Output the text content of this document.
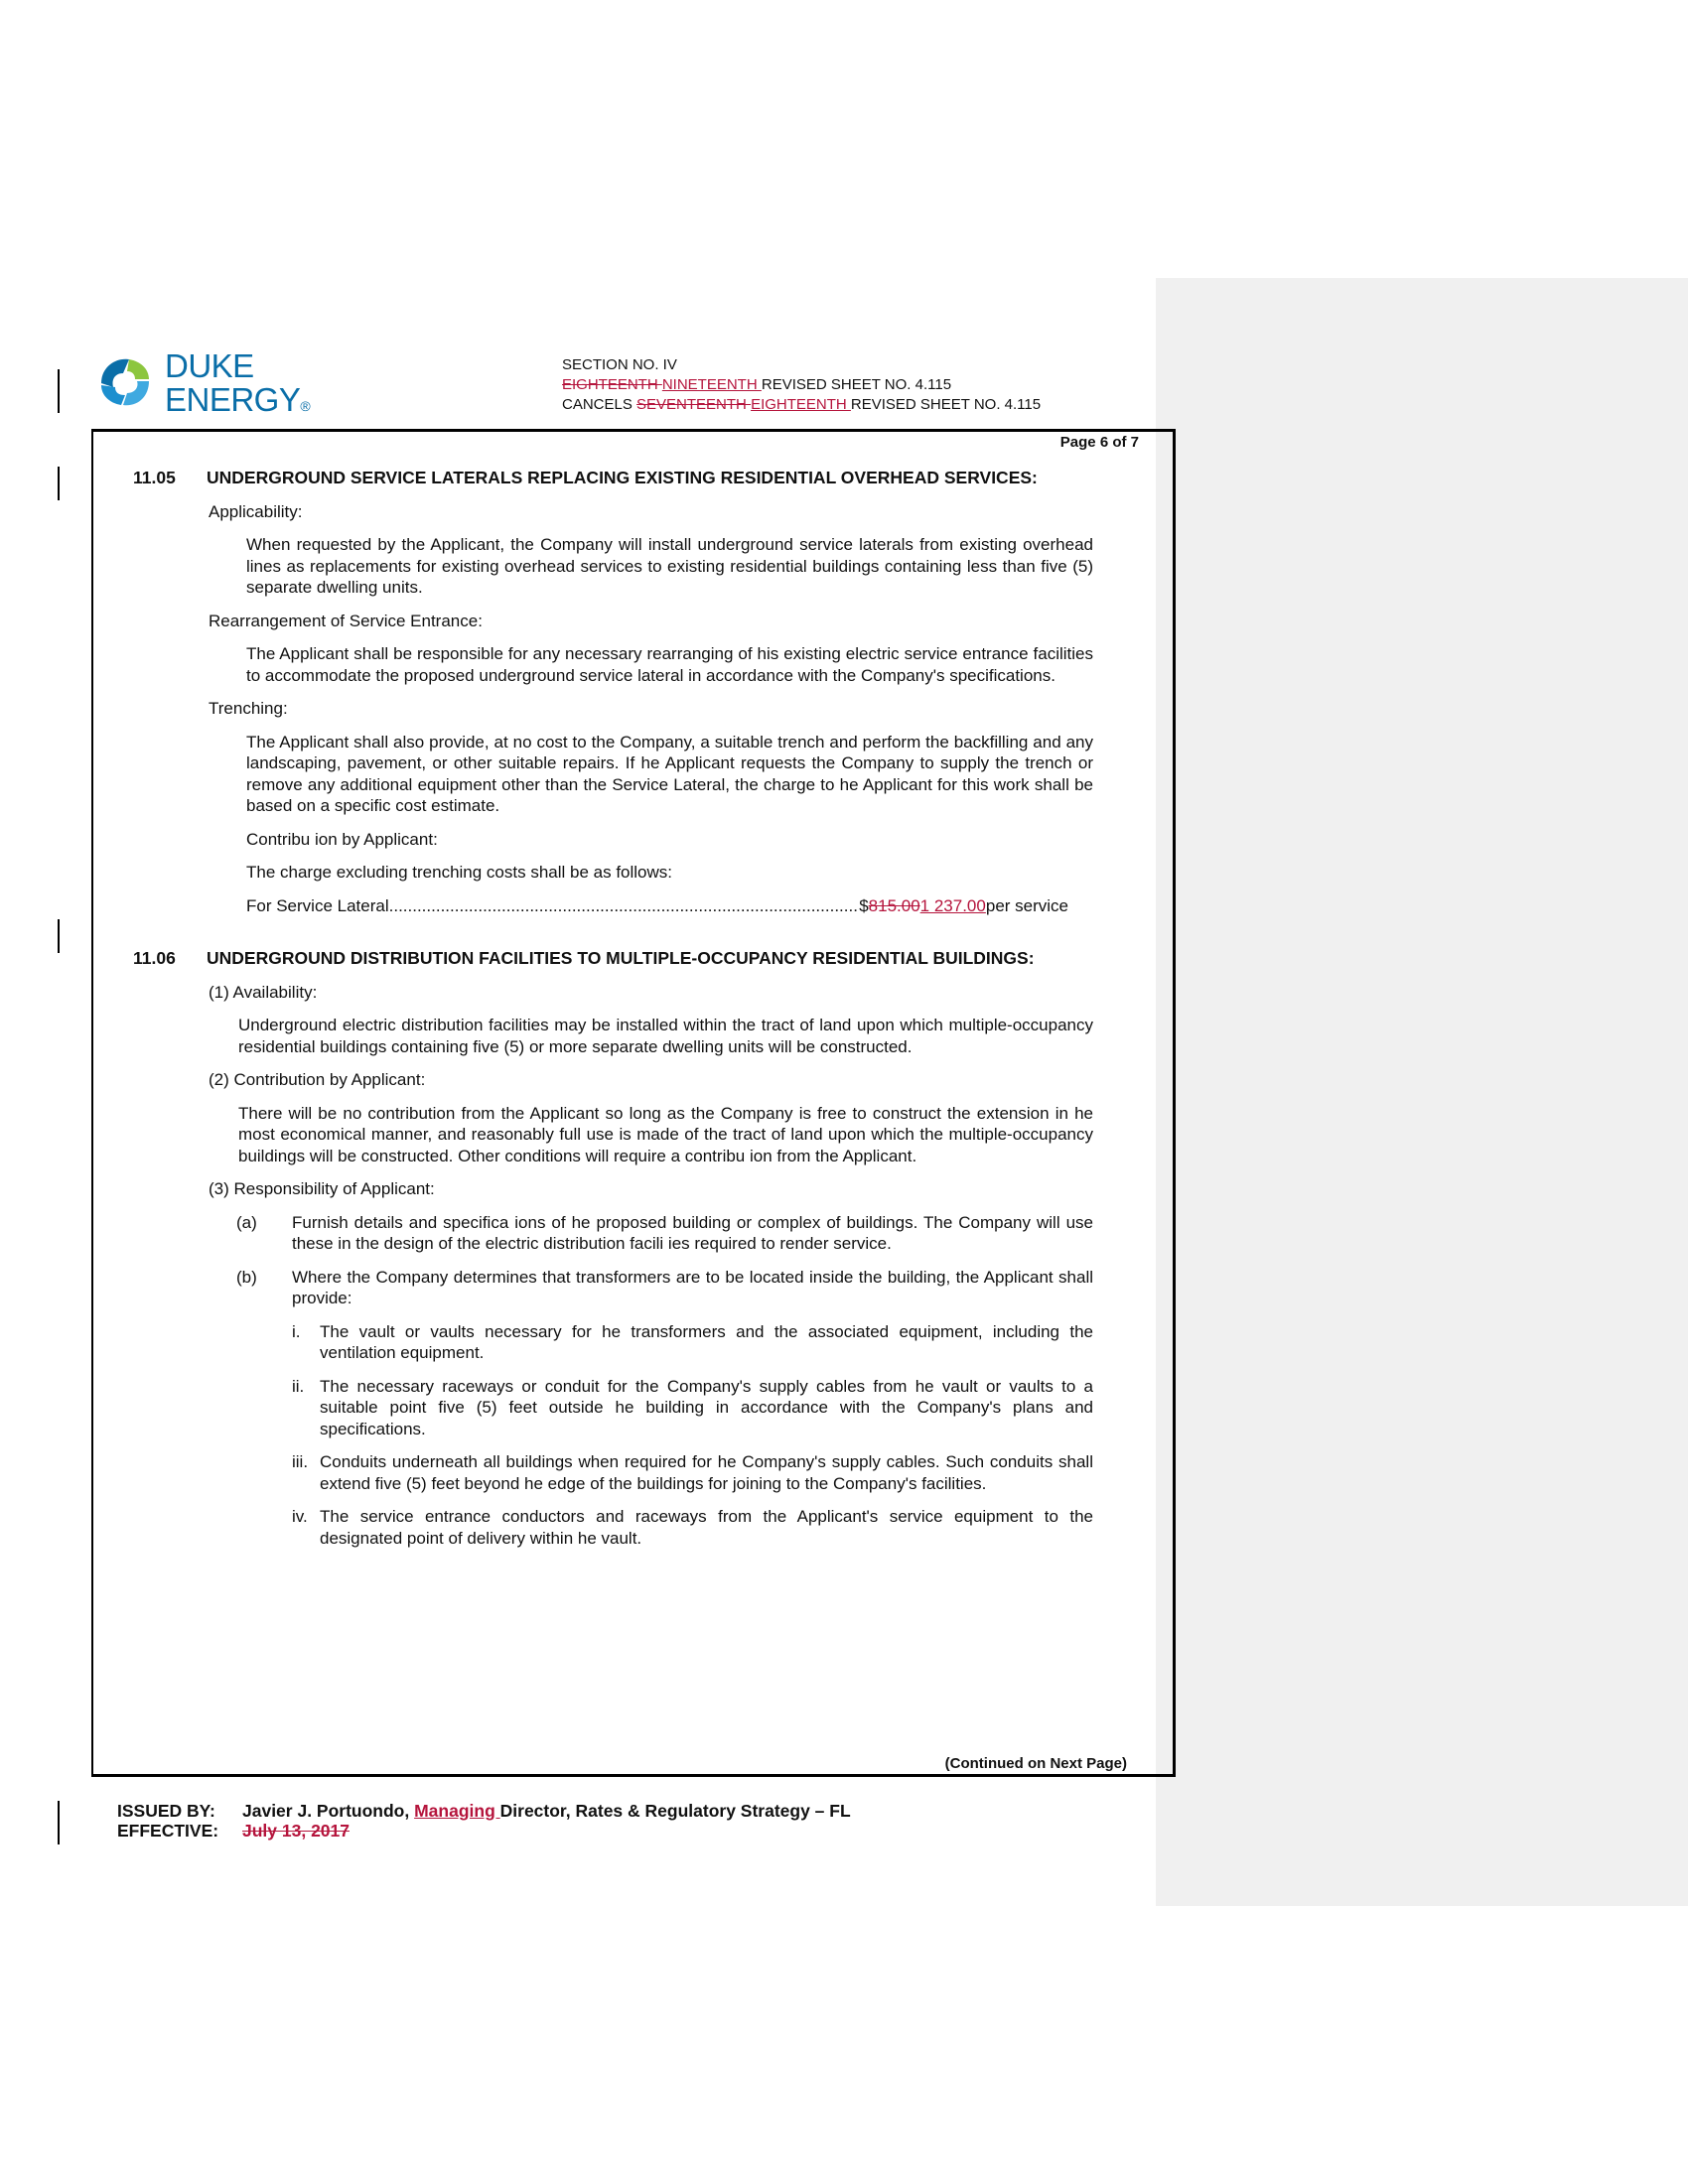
DUKE
ENERGY®
SECTION NO. IV
EIGHTEENTH NINETEENTH REVISED SHEET NO. 4.115
CANCELS SEVENTEENTH EIGHTEENTH REVISED SHEET NO. 4.115
Page 6 of 7
11.05	UNDERGROUND SERVICE LATERALS REPLACING EXISTING RESIDENTIAL OVERHEAD SERVICES:
Applicability:
When requested by the Applicant, the Company will install underground service laterals from existing overhead lines as replacements for existing overhead services to existing residential buildings containing less than five (5) separate dwelling units.
Rearrangement of Service Entrance:
The Applicant shall be responsible for any necessary rearranging of his existing electric service entrance facilities to accommodate the proposed underground service lateral in accordance with the Company's specifications.
Trenching:
The Applicant shall also provide, at no cost to the Company, a suitable trench and perform the backfilling and any landscaping, pavement, or other suitable repairs. If he Applicant requests the Company to supply the trench or remove any additional equipment other than the Service Lateral, the charge to he Applicant for this work shall be based on a specific cost estimate.
Contribu ion by Applicant:
The charge excluding trenching costs shall be as follows:
For Service Lateral
.....	$ 815.00 1 237.00 per service
11.06	UNDERGROUND DISTRIBUTION FACILITIES TO MULTIPLE-OCCUPANCY RESIDENTIAL BUILDINGS:
(1) Availability:
Underground electric distribution facilities may be installed within the tract of land upon which multiple-occupancy residential buildings containing five (5) or more separate dwelling units will be constructed.
(2) Contribution by Applicant:
There will be no contribution from the Applicant so long as the Company is free to construct the extension in he most economical manner, and reasonably full use is made of the tract of land upon which the multiple-occupancy buildings will be constructed. Other conditions will require a contribu ion from the Applicant.
(3) Responsibility of Applicant:
(a)	Furnish details and specifica ions of he proposed building or complex of buildings. The Company will use these in the design of the electric distribution facili ies required to render service.
(b)	Where the Company determines that transformers are to be located inside the building, the Applicant shall provide:
i.	The vault or vaults necessary for he transformers and the associated equipment, including the ventilation equipment.
ii. The necessary raceways or conduit for the Company's supply cables from he vault or vaults to a suitable point five (5) feet outside he building in accordance with the Company's plans and specifications.
iii. Conduits underneath all buildings when required for he Company's supply cables. Such conduits shall extend five (5) feet beyond he edge of the buildings for joining to the Company's facilities.
iv. The service entrance conductors and raceways from the Applicant's service equipment to the designated point of delivery within he vault.
(Continued on Next Page)
ISSUED BY: Javier J. Portuondo, Managing Director, Rates & Regulatory Strategy – FL
EFFECTIVE: July 13, 2017
